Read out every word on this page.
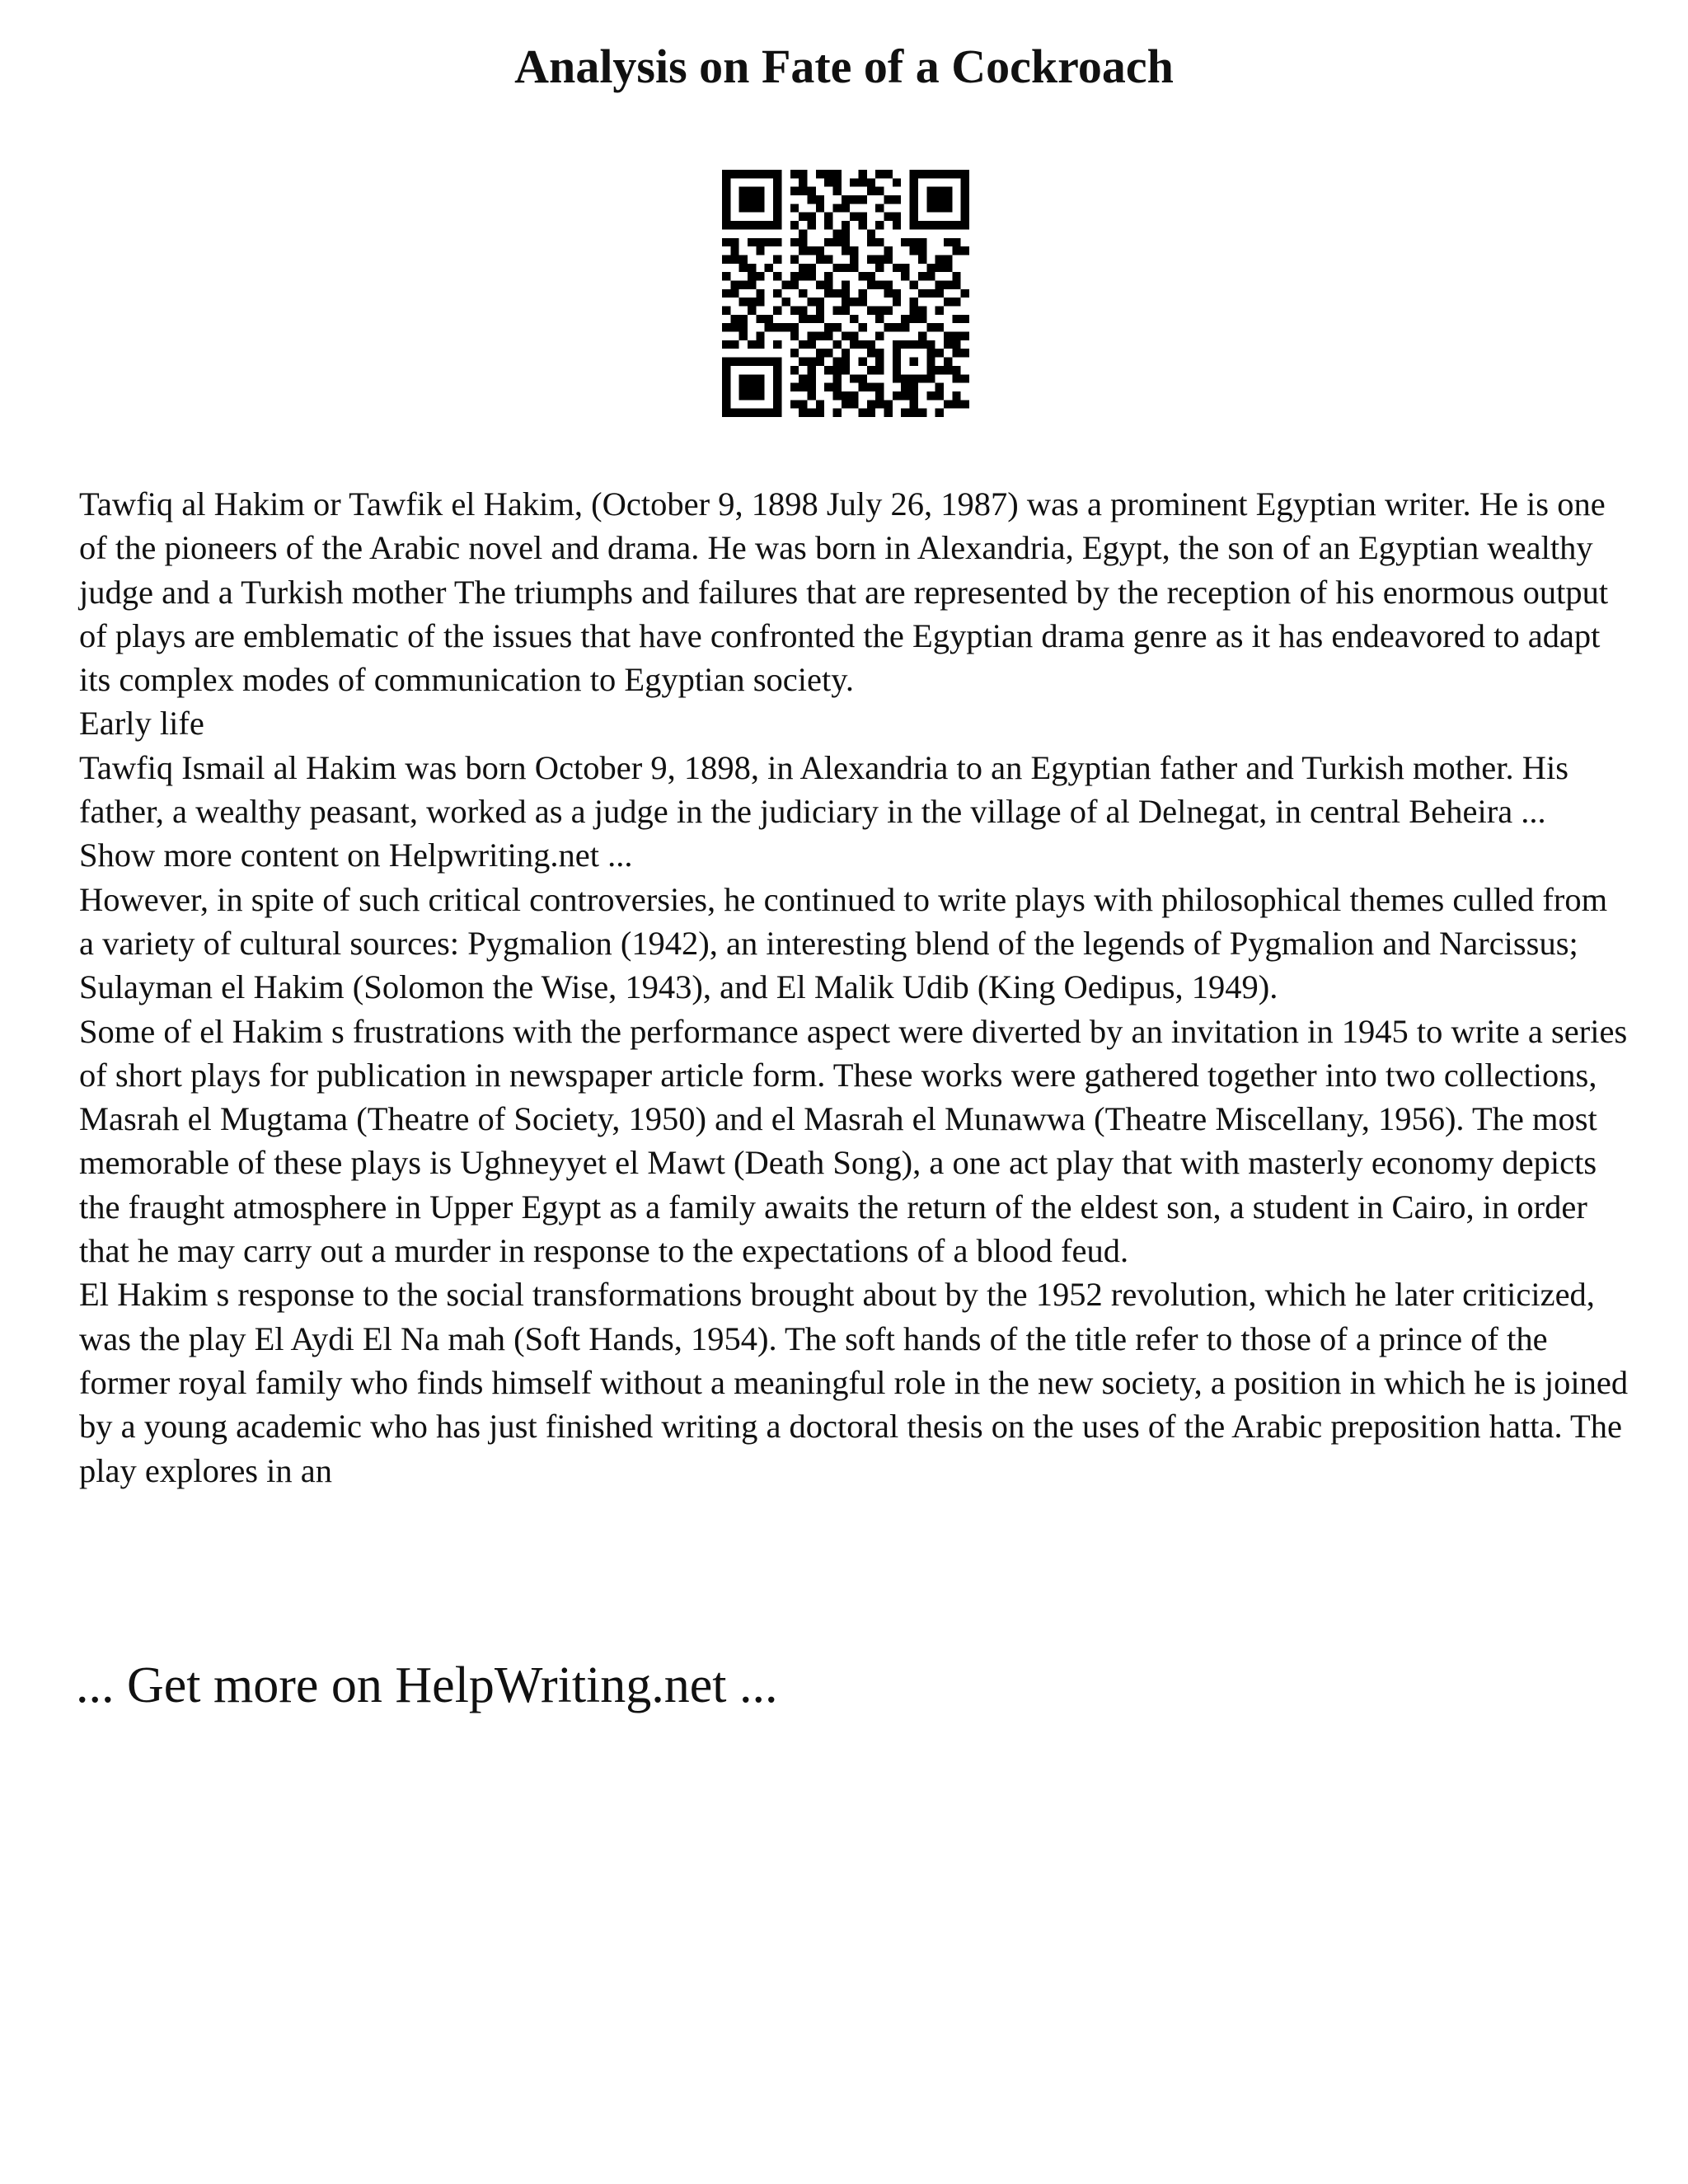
Analysis on Fate of a Cockroach

Tawfiq al Hakim or Tawfik el Hakim, (October 9, 1898 July 26, 1987) was a prominent Egyptian writer. He is one of the pioneers of the Arabic novel and drama. He was born in Alexandria, Egypt, the son of an Egyptian wealthy judge and a Turkish mother The triumphs and failures that are represented by the reception of his enormous output of plays are emblematic of the issues that have confronted the Egyptian drama genre as it has endeavored to adapt its complex modes of communication to Egyptian society.

Early life

Tawfiq Ismail al Hakim was born October 9, 1898, in Alexandria to an Egyptian father and Turkish mother. His father, a wealthy peasant, worked as a judge in the judiciary in the village of al Delnegat, in central Beheira ... Show more content on Helpwriting.net ...

However, in spite of such critical controversies, he continued to write plays with philosophical themes culled from a variety of cultural sources: Pygmalion (1942), an interesting blend of the legends of Pygmalion and Narcissus; Sulayman el Hakim (Solomon the Wise, 1943), and El Malik Udib (King Oedipus, 1949).

Some of el Hakim s frustrations with the performance aspect were diverted by an invitation in 1945 to write a series of short plays for publication in newspaper article form. These works were gathered together into two collections, Masrah el Mugtama (Theatre of Society, 1950) and el Masrah el Munawwa (Theatre Miscellany, 1956). The most memorable of these plays is Ughneyyet el Mawt (Death Song), a one act play that with masterly economy depicts the fraught atmosphere in Upper Egypt as a family awaits the return of the eldest son, a student in Cairo, in order that he may carry out a murder in response to the expectations of a blood feud.

El Hakim s response to the social transformations brought about by the 1952 revolution, which he later criticized, was the play El Aydi El Na mah (Soft Hands, 1954). The soft hands of the title refer to those of a prince of the former royal family who finds himself without a meaningful role in the new society, a position in which he is joined by a young academic who has just finished writing a doctoral thesis on the uses of the Arabic preposition hatta. The play explores in an

... Get more on HelpWriting.net ...
